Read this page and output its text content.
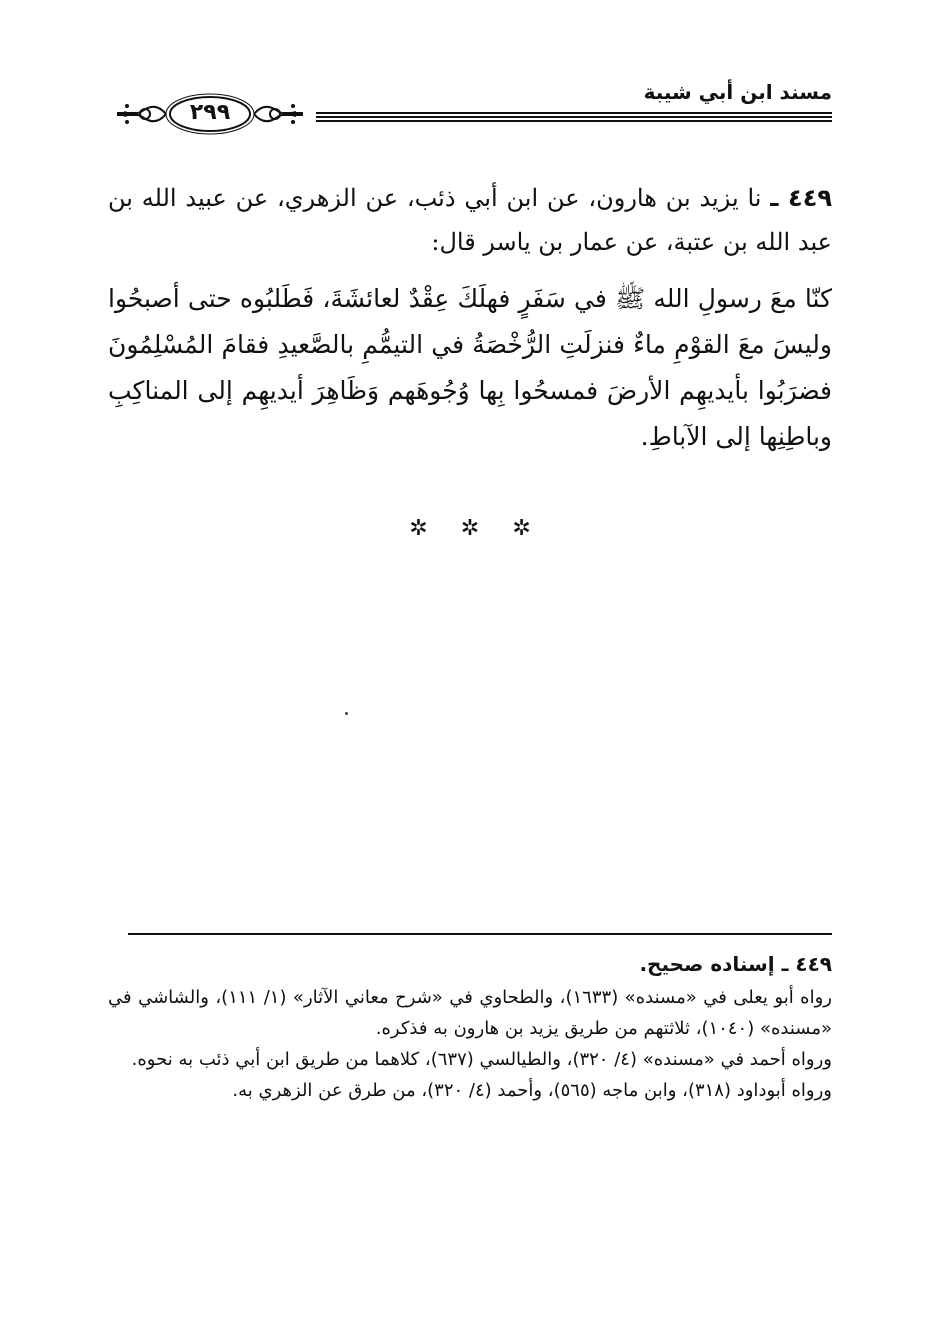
مسند ابن أبي شيبة
٢٩٩

٤٤٩ ـ نا يزيد بن هارون، عن ابن أبي ذئب، عن الزهري، عن عبيد الله بن عبد الله بن عتبة، عن عمار بن ياسر قال:

كنّا معَ رسولِ الله ﷺ في سَفَرٍ فهلَكَ عِقْدٌ لعائشَةَ، فَطَلبُوه حتى أصبحُوا وليسَ معَ القوْمِ ماءٌ فنزلَتِ الرُّخْصَةُ في التيمُّمِ بالصَّعيدِ فقامَ المُسْلِمُونَ فضرَبُوا بأيديهِم الأرضَ فمسحُوا بِها وُجُوهَهم وَظَاهِرَ أيديهِم إلى المناكِبِ وباطِنِها إلى الآباطِ.

✲ ✲ ✲

٤٤٩ ـ إسناده صحيح.

رواه أبو يعلى في «مسنده» (١٦٣٣)، والطحاوي في «شرح معاني الآثار» (١/ ١١١)، والشاشي في «مسنده» (١٠٤٠)، ثلاثتهم من طريق يزيد بن هارون به فذكره.

ورواه أحمد في «مسنده» (٤/ ٣٢٠)، والطيالسي (٦٣٧)، كلاهما من طريق ابن أبي ذئب به نحوه.

ورواه أبوداود (٣١٨)، وابن ماجه (٥٦٥)، وأحمد (٤/ ٣٢٠)، من طرق عن الزهري به.
